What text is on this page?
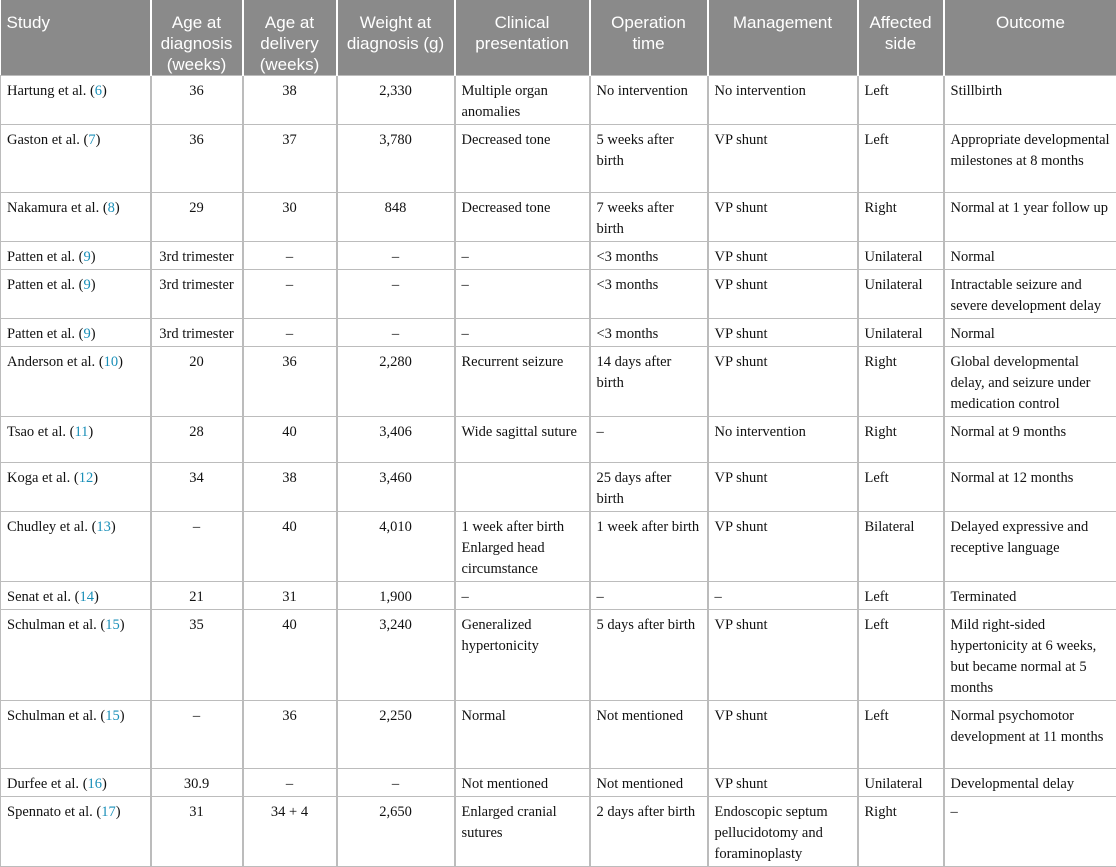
Study	Age at diagnosis (weeks)	Age at delivery (weeks)	Weight at diagnosis (g)	Clinical presentation	Operation time	Management	Affected side	Outcome
Hartung et al. (6)	36	38	2,330	Multiple organ anomalies	No intervention	No intervention	Left	Stillbirth
Gaston et al. (7)	36	37	3,780	Decreased tone	5 weeks after birth	VP shunt	Left	Appropriate developmental milestones at 8 months
Nakamura et al. (8)	29	30	848	Decreased tone	7 weeks after birth	VP shunt	Right	Normal at 1 year follow up
Patten et al. (9)	3rd trimester	–	–	–	<3 months	VP shunt	Unilateral	Normal
Patten et al. (9)	3rd trimester	–	–	–	<3 months	VP shunt	Unilateral	Intractable seizure and severe development delay
Patten et al. (9)	3rd trimester	–	–	–	<3 months	VP shunt	Unilateral	Normal
Anderson et al. (10)	20	36	2,280	Recurrent seizure	14 days after birth	VP shunt	Right	Global developmental delay, and seizure under medication control
Tsao et al. (11)	28	40	3,406	Wide sagittal suture	–	No intervention	Right	Normal at 9 months
Koga et al. (12)	34	38	3,460		25 days after birth	VP shunt	Left	Normal at 12 months
Chudley et al. (13)	–	40	4,010	1 week after birth Enlarged head circumstance	1 week after birth	VP shunt	Bilateral	Delayed expressive and receptive language
Senat et al. (14)	21	31	1,900	–	–	–	Left	Terminated
Schulman et al. (15)	35	40	3,240	Generalized hypertonicity	5 days after birth	VP shunt	Left	Mild right-sided hypertonicity at 6 weeks, but became normal at 5 months
Schulman et al. (15)	–	36	2,250	Normal	Not mentioned	VP shunt	Left	Normal psychomotor development at 11 months
Durfee et al. (16)	30.9	–	–	Not mentioned	Not mentioned	VP shunt	Unilateral	Developmental delay
Spennato et al. (17)	31	34 + 4	2,650	Enlarged cranial sutures	2 days after birth	Endoscopic septum pellucidotomy and foraminoplasty	Right	–
